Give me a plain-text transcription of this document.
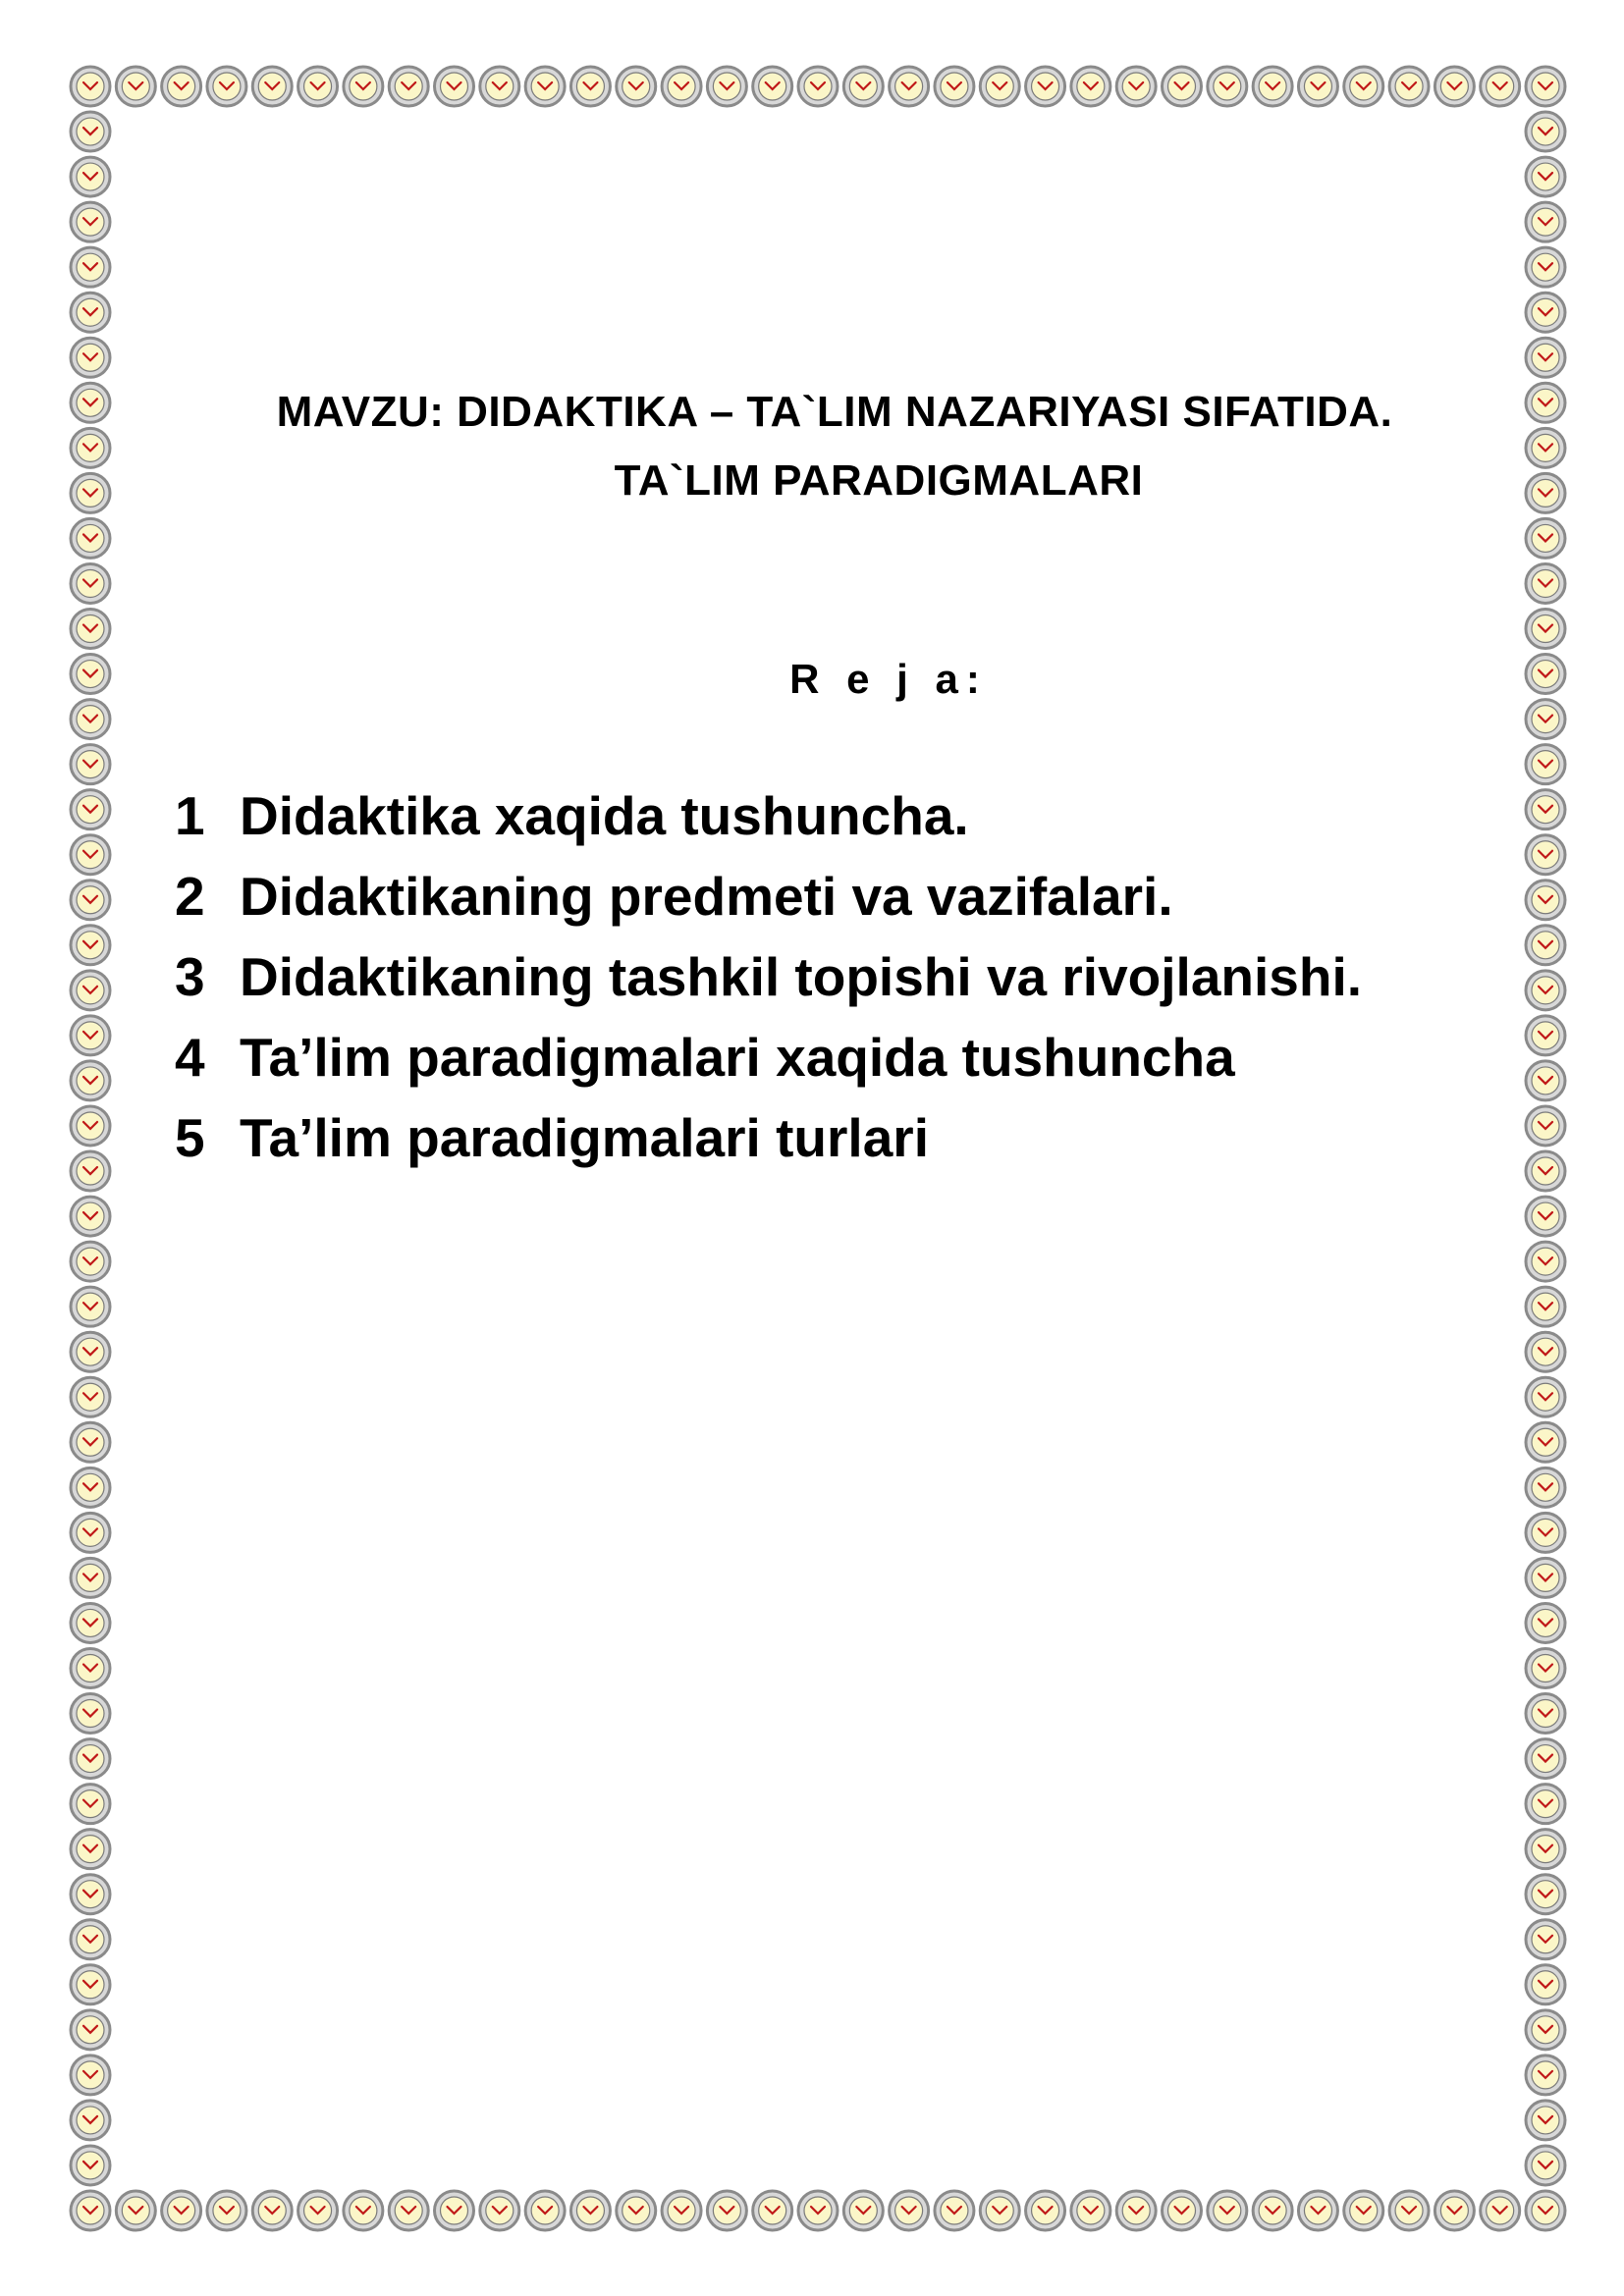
MAVZU: DIDAKTIKA – TA`LIM NAZARIYASI SIFATIDA.
TA`LIM PARADIGMALARI
R e j a:
1 Didaktika xaqida tushuncha.
2 Didaktikaning predmeti va vazifalari.
3 Didaktikaning tashkil topishi va rivojlanishi.
4 Ta’lim paradigmalari xaqida tushuncha
5 Ta’lim paradigmalari turlari
